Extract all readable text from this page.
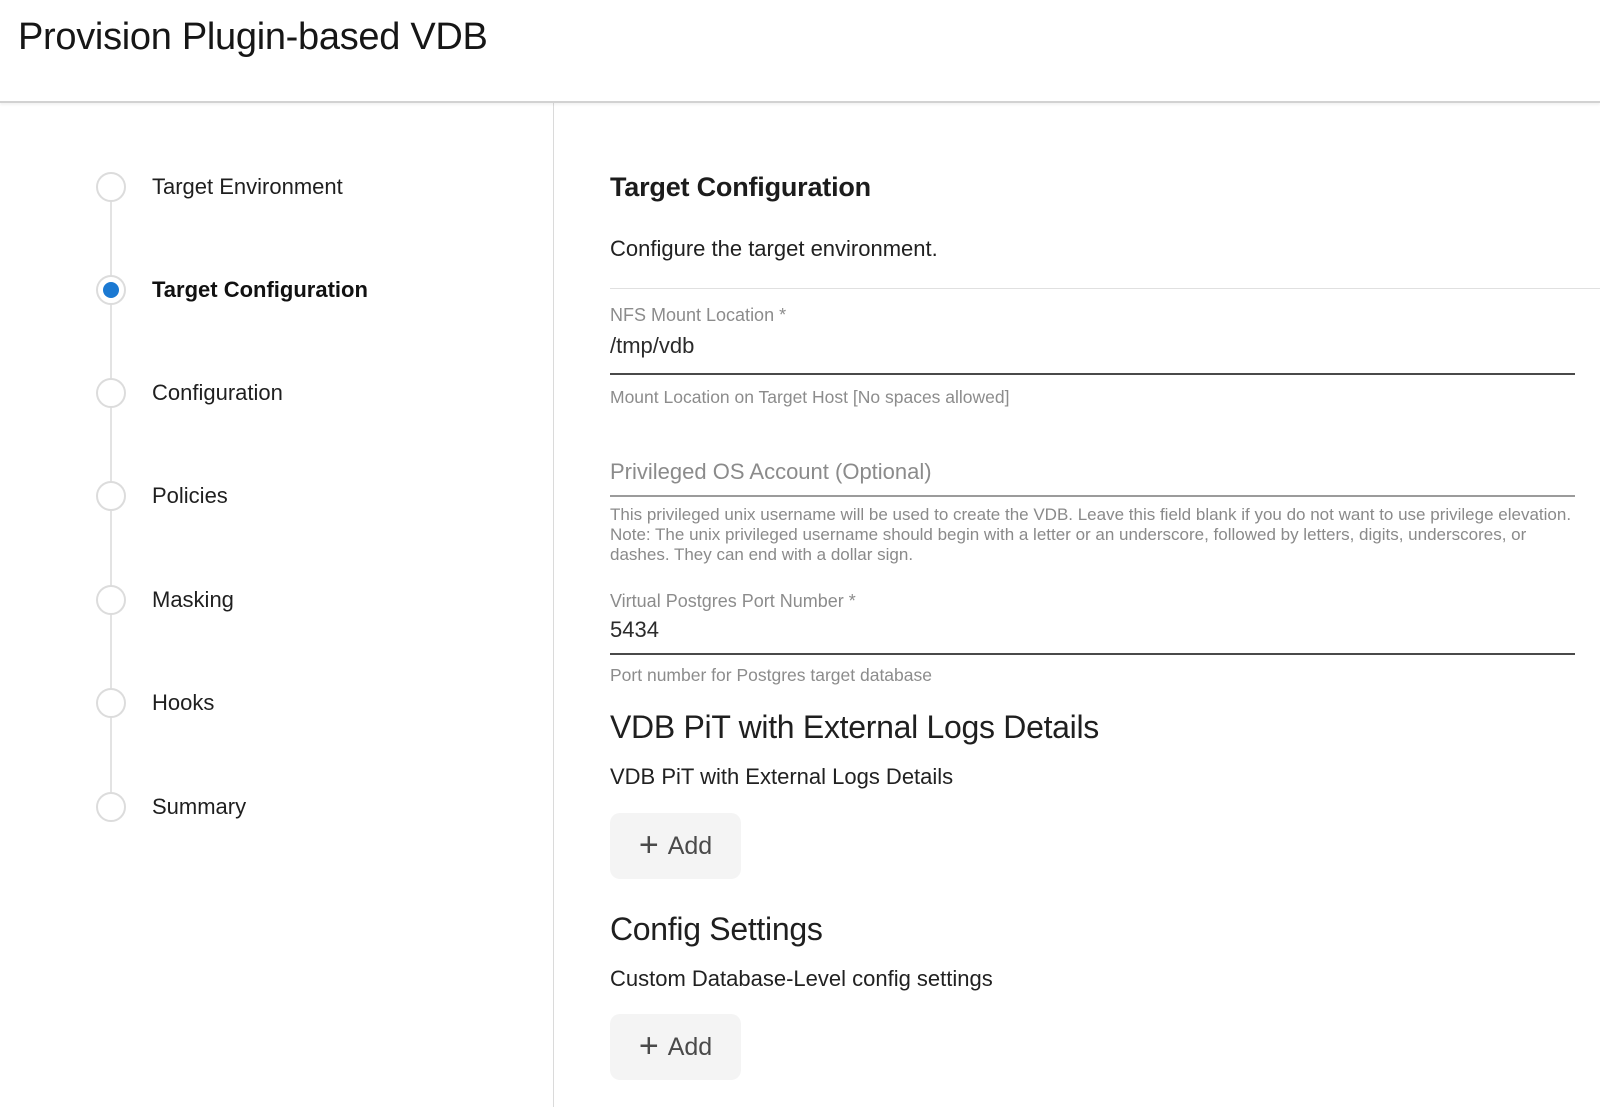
Provision Plugin-based VDB
Target Environment
Target Configuration
Configuration
Policies
Masking
Hooks
Summary
Target Configuration
Configure the target environment.
NFS Mount Location *
/tmp/vdb
Mount Location on Target Host [No spaces allowed]
Privileged OS Account (Optional)
This privileged unix username will be used to create the VDB. Leave this field blank if you do not want to use privilege elevation. Note: The unix privileged username should begin with a letter or an underscore, followed by letters, digits, underscores, or dashes. They can end with a dollar sign.
Virtual Postgres Port Number *
5434
Port number for Postgres target database
VDB PiT with External Logs Details
VDB PiT with External Logs Details
+ Add
Config Settings
Custom Database-Level config settings
+ Add
